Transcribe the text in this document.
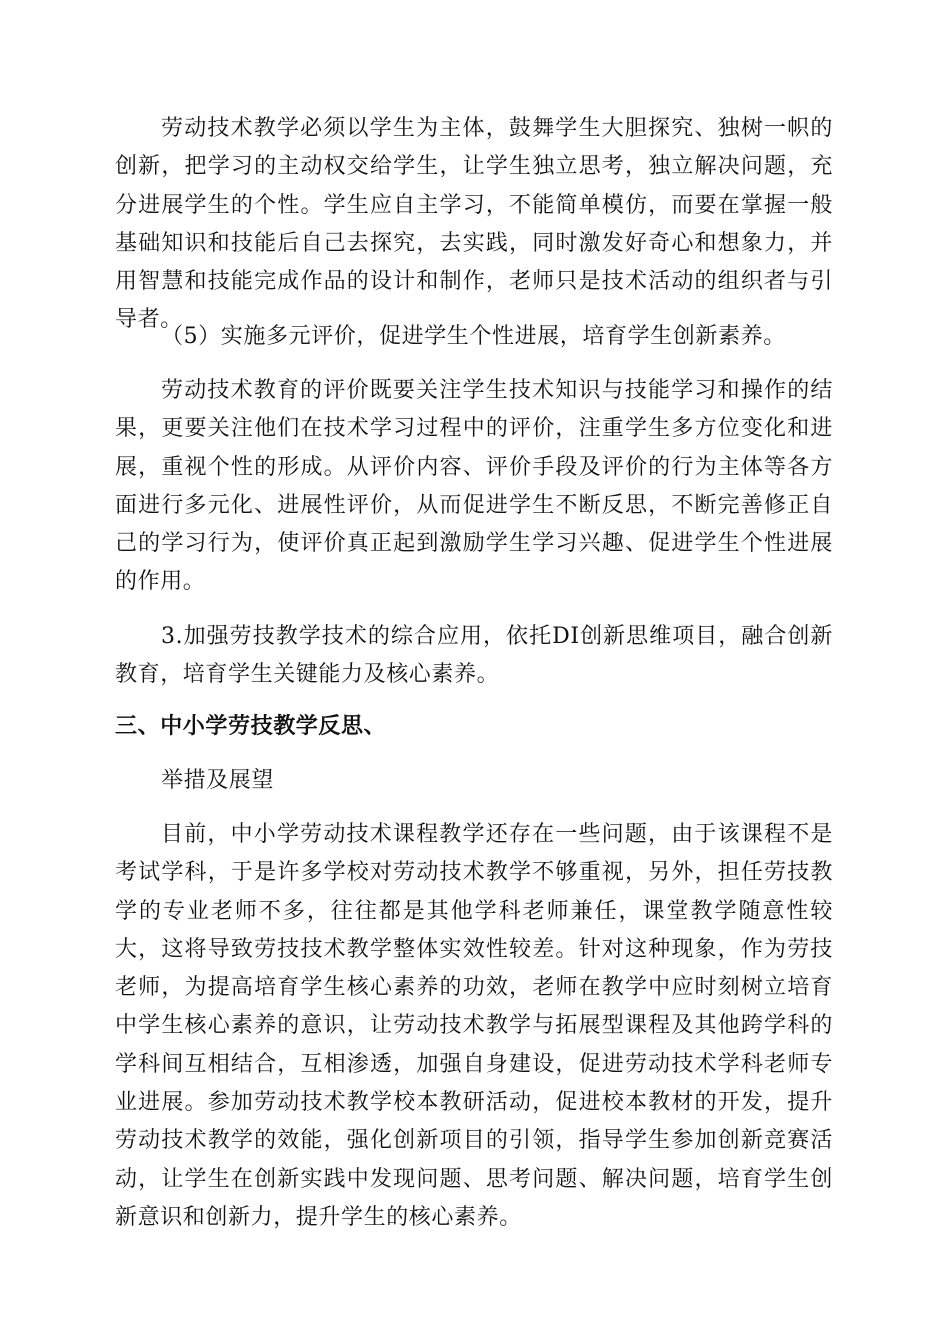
劳动技术教学必须以学生为主体，鼓舞学生大胆探究、独树一帜的创新，把学习的主动权交给学生，让学生独立思考，独立解决问题，充分进展学生的个性。学生应自主学习，不能简单模仿，而要在掌握一般基础知识和技能后自己去探究，去实践，同时激发好奇心和想象力，并用智慧和技能完成作品的设计和制作，老师只是技术活动的组织者与引导者。

（5）实施多元评价，促进学生个性进展，培育学生创新素养。

劳动技术教育的评价既要关注学生技术知识与技能学习和操作的结果，更要关注他们在技术学习过程中的评价，注重学生多方位变化和进展，重视个性的形成。从评价内容、评价手段及评价的行为主体等各方面进行多元化、进展性评价，从而促进学生不断反思，不断完善修正自己的学习行为，使评价真正起到激励学生学习兴趣、促进学生个性进展的作用。

3.加强劳技教学技术的综合应用，依托DI创新思维项目，融合创新教育，培育学生关键能力及核心素养。

三、中小学劳技教学反思、

举措及展望

目前，中小学劳动技术课程教学还存在一些问题，由于该课程不是考试学科，于是许多学校对劳动技术教学不够重视，另外，担任劳技教学的专业老师不多，往往都是其他学科老师兼任，课堂教学随意性较大，这将导致劳技技术教学整体实效性较差。针对这种现象，作为劳技老师，为提高培育学生核心素养的功效，老师在教学中应时刻树立培育中学生核心素养的意识，让劳动技术教学与拓展型课程及其他跨学科的学科间互相结合，互相渗透，加强自身建设，促进劳动技术学科老师专业进展。参加劳动技术教学校本教研活动，促进校本教材的开发，提升劳动技术教学的效能，强化创新项目的引领，指导学生参加创新竞赛活动，让学生在创新实践中发现问题、思考问题、解决问题，培育学生创新意识和创新力，提升学生的核心素养。
